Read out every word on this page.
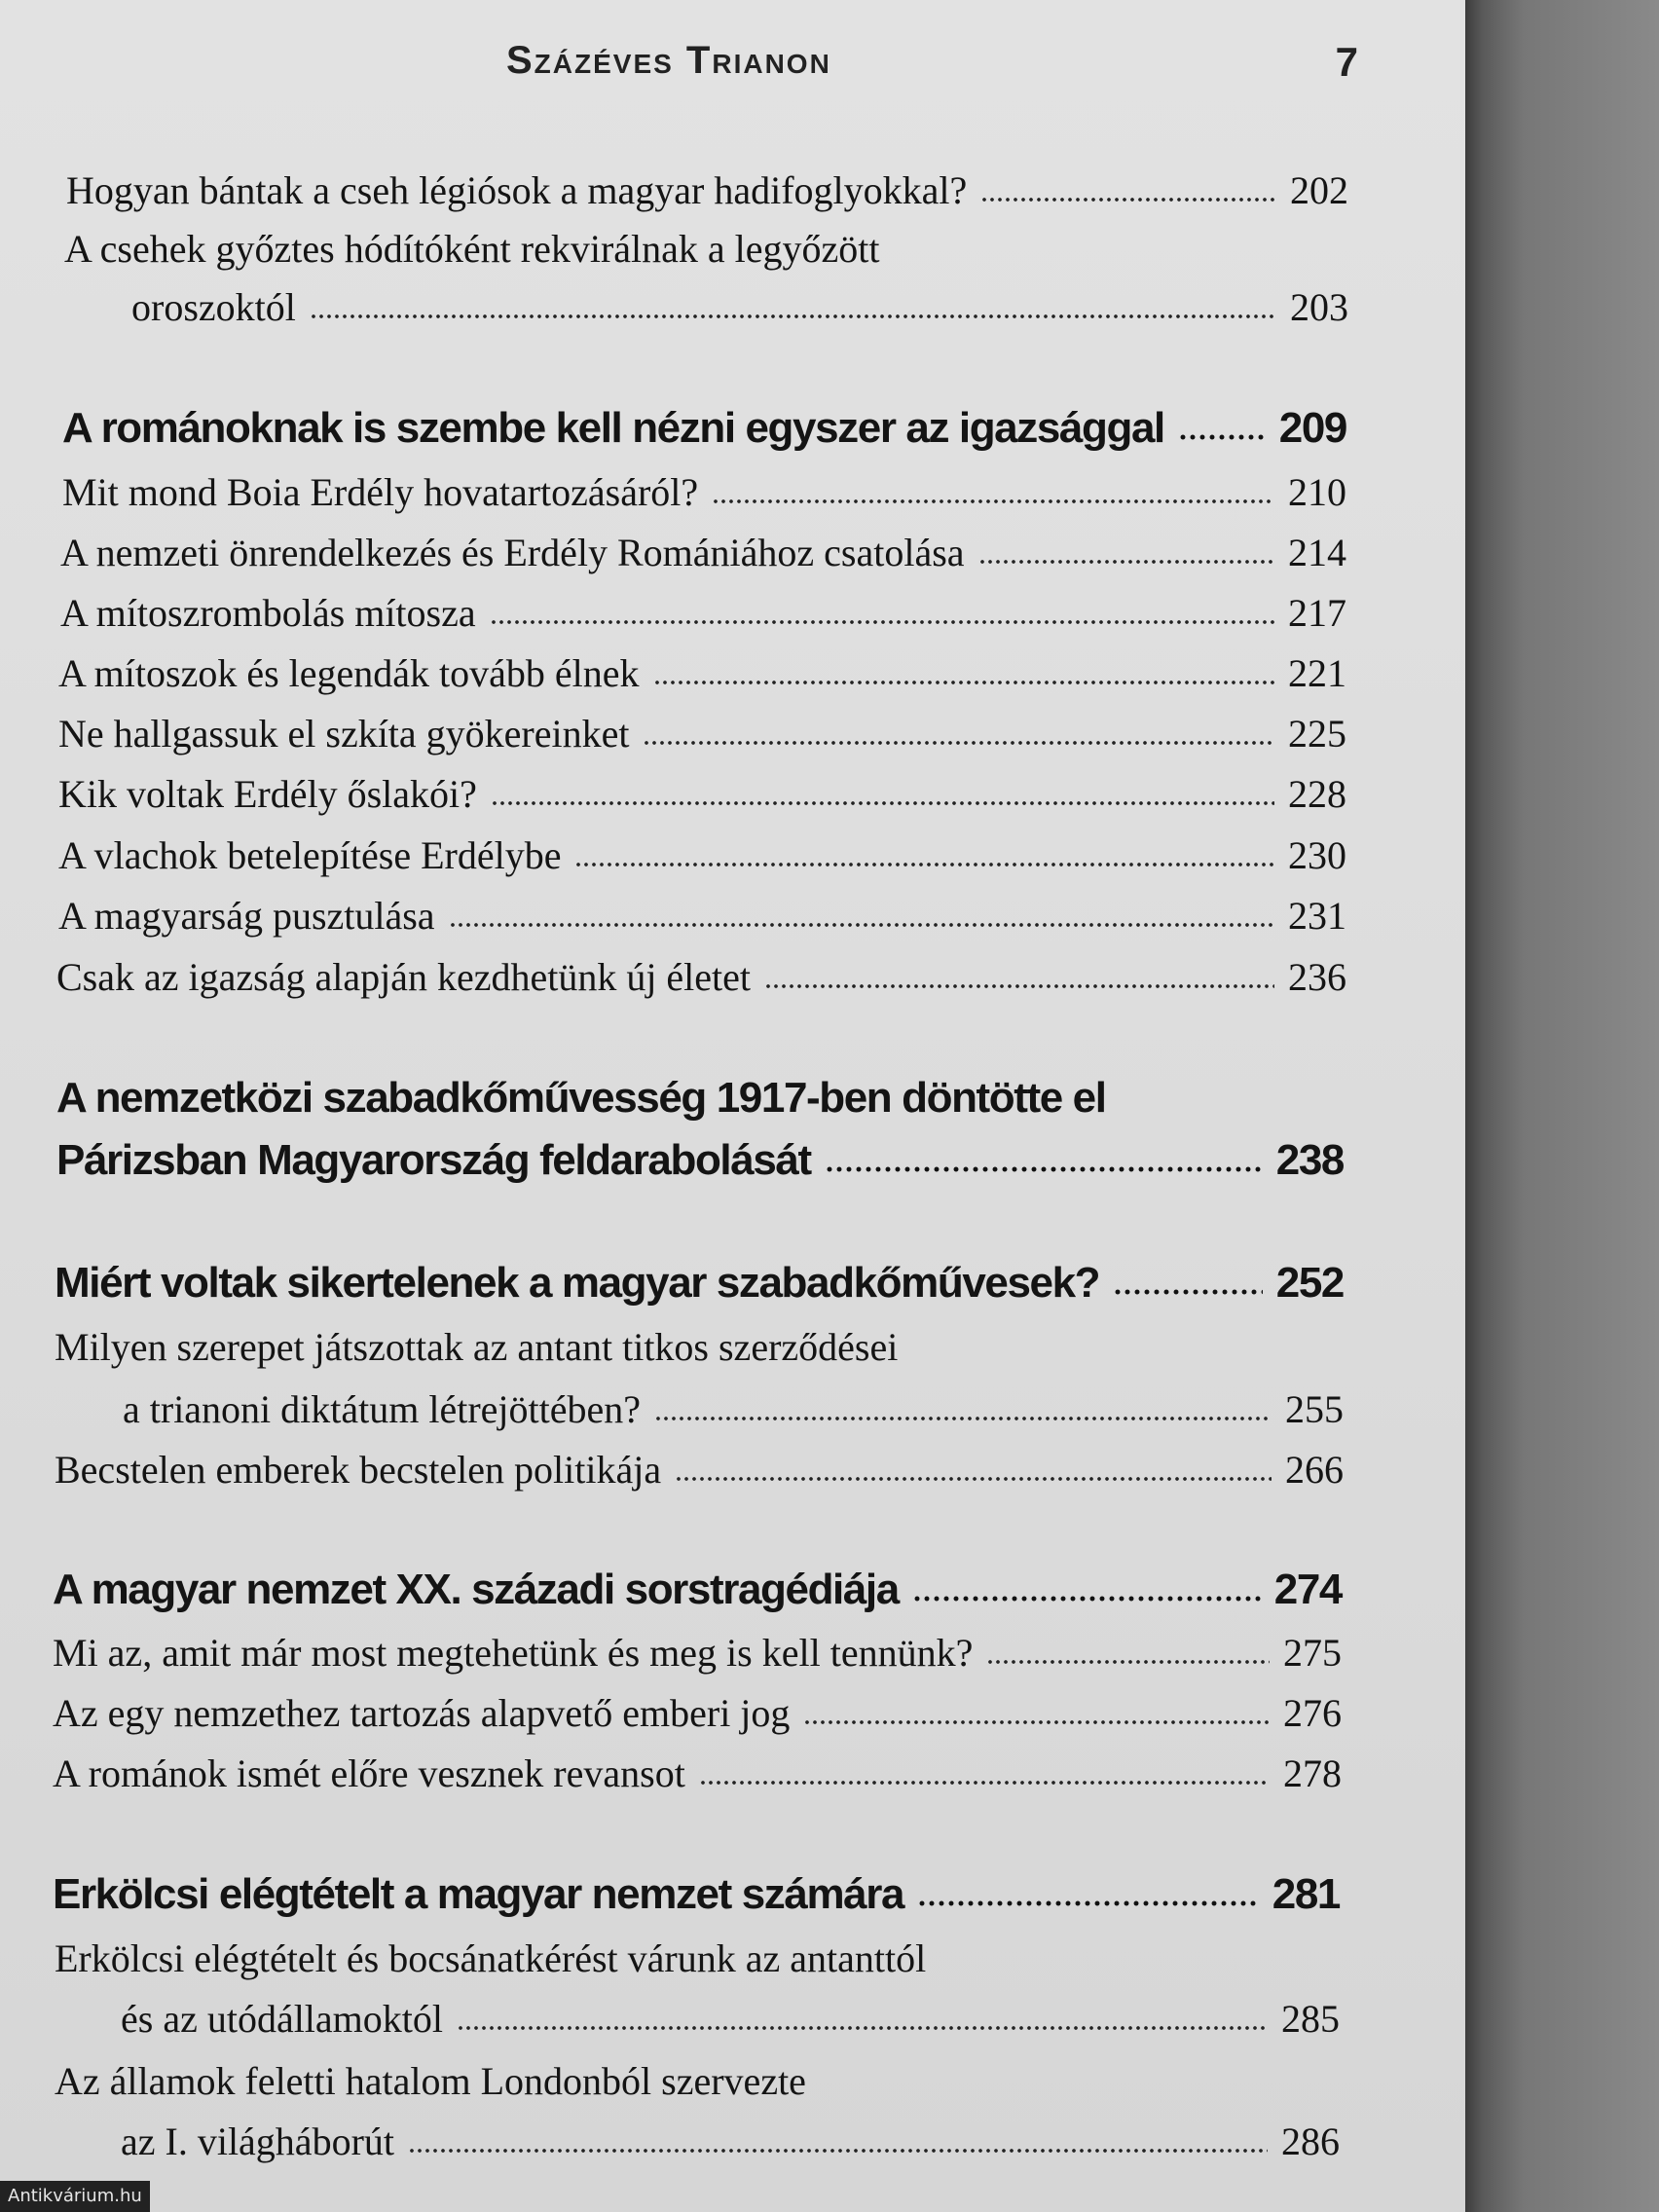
Százéves Trianon	7
Hogyan bántak a cseh légiósok a magyar hadifoglyokkal?	202
A csehek győztes hódítóként rekvirálnak a legyőzött
oroszoktól	203
A románoknak is szembe kell nézni egyszer az igazsággal	209
Mit mond Boia Erdély hovatartozásáról?	210
A nemzeti önrendelkezés és Erdély Romániához csatolása	214
A mítoszrombolás mítosza	217
A mítoszok és legendák tovább élnek	221
Ne hallgassuk el szkíta gyökereinket	225
Kik voltak Erdély őslakói?	228
A vlachok betelepítése Erdélybe	230
A magyarság pusztulása	231
Csak az igazság alapján kezdhetünk új életet	236
A nemzetközi szabadkőművesség 1917-ben döntötte el
Párizsban Magyarország feldarabolását	238
Miért voltak sikertelenek a magyar szabadkőművesek?	252
Milyen szerepet játszottak az antant titkos szerződései
a trianoni diktátum létrejöttében?	255
Becstelen emberek becstelen politikája	266
A magyar nemzet XX. századi sorstragédiája	274
Mi az, amit már most megtehetünk és meg is kell tennünk?	275
Az egy nemzethez tartozás alapvető emberi jog	276
A románok ismét előre vesznek revansot	278
Erkölcsi elégtételt a magyar nemzet számára	281
Erkölcsi elégtételt és bocsánatkérést várunk az antanttól
és az utódállamoktól	285
Az államok feletti hatalom Londonból szervezte
az I. világháborút	286
Antikvárium.hu
